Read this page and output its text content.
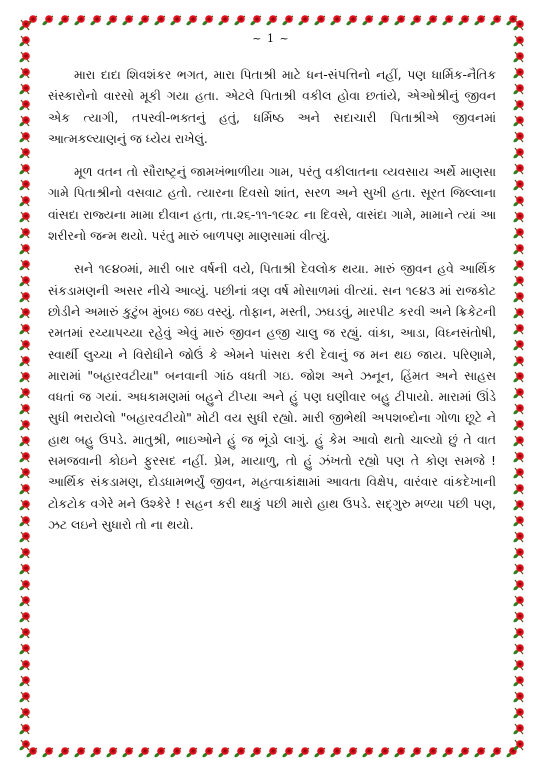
~ 1 ~

મારા દાદા શિવશંકર ભગત, મારા પિતાશ્રી માટે ધન-સંપત્તિનો નહીં, પણ ધાર્મિક-નૈતિક સંસ્કારોનો વારસો મૂકી ગયા હતા. એટલે પિતાશ્રી વકીલ હોવા છતાંયે, એઓશ્રીનું જીવન એક ત્યાગી, તપસ્વી-ભક્તનું હતું, ધર્મિષ્ઠ અને સદાચારી પિતાશ્રીએ જીવનમાં આત્મકલ્યાણનું જ ધ્યેય રાખેલું.

મૂળ વતન તો સૌરાષ્ટ્રનું જામખંભાળીયા ગામ, પરંતુ વકીલાતના વ્યવસાય અર્થે માણસા ગામે પિતાશ્રીનો વસવાટ હતો. ત્યારના દિવસો શાંત, સરળ અને સુખી હતા. સૂરત જિલ્લાના વાંસદા રાજ્યના મામા દીવાન હતા, તા.૨૬-૧૧-૧૯૨૮ ના દિવસે, વાસંદા ગામે, મામાને ત્યાં આ શરીરનો જન્મ થયો. પરંતુ મારું બાળપણ માણસામાં વીત્યું.

સને ૧૯૪૦માં, મારી બાર વર્ષની વયે, પિતાશ્રી દેવલોક થયા. મારું જીવન હવે આર્થિક સંકડામણની અસર નીચે આવ્યું. પછીનાં ત્રણ વર્ષ મોસાળમાં વીત્યાં. સન ૧૯૪૩ માં રાજકોટ છોડીને અમારું કુટુંબ મુંબઇ જઇ વસ્યું. તોફાન, મસ્તી, ઝઘડવું, મારપીટ કરવી અને ક્રિકેટની રમતમાં રચ્યાપચ્યા રહેવું એવું મારું જીવન હજી ચાલુ જ રહ્યું. વાંકા, આડા, વિઘ્નસંતોષી, સ્વાર્થી લુચ્ચા ને વિરોધીને જોઉં કે એમને પાંસરા કરી દેવાનું જ મન થઇ જાય. પરિણામે, મારામાં "બહારવટીયા" બનવાની ગાંઠ વધતી ગઇ. જોશ અને ઝનૂન, હિંમત અને સાહસ વધતાં જ ગયાં. અધકામણમાં બહુને ટીપ્યા અને હું પણ ઘણીવાર બહુ ટીપાયો. મારામાં ઊંડે સુધી ભરાયેલો "બહારવટીયો" મોટી વય સુધી રહ્યો. મારી જીભેથી અપશબ્દોના ગોળા છૂટે ને હાથ બહુ ઉપડે. માતુશ્રી, ભાઇઓને હું જ ભૂંડો લાગું. હું કેમ આવો થતો ચાલ્યો છું તે વાત સમજવાની કોઇને ફુરસદ નહીં. પ્રેમ, માયાળુ, તો હું ઝંખતો રહ્યો પણ તે કોણ સમજે ! આર્થિક સંકડામણ, દોડધામભર્યું જીવન, મહત્વાકાંક્ષામાં આવતા વિક્ષેપ, વારંવાર વાંકદેખાની ટોકટોક વગેરે મને ઉશ્કેરે ! સહન કરી થાકું પછી મારો હાથ ઉપડે. સદ્ગુરુ મળ્યા પછી પણ, ઝટ લઇને સુધારો તો ના થયો.
